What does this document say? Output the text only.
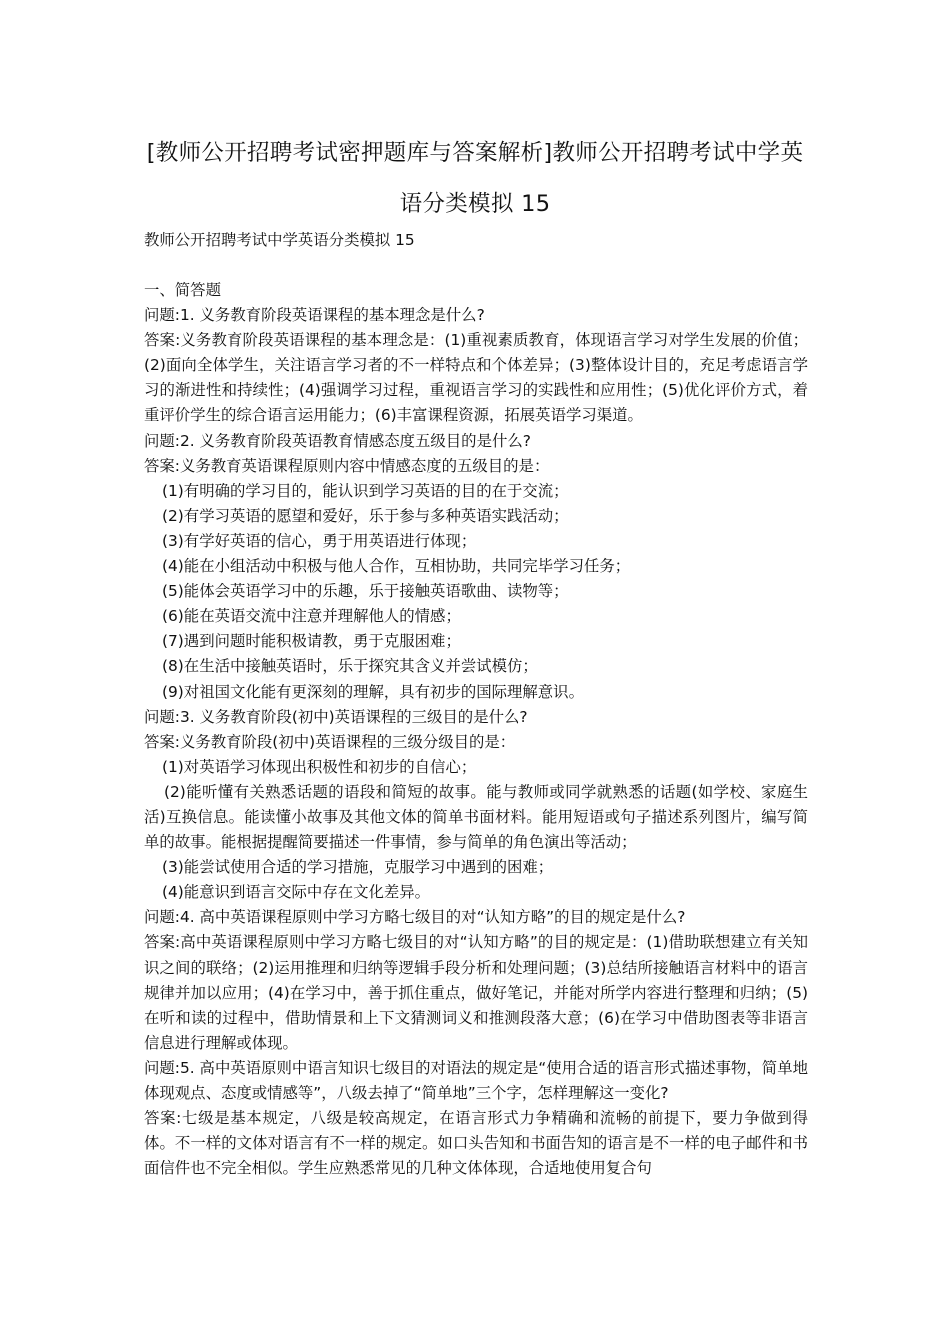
[教师公开招聘考试密押题库与答案解析]教师公开招聘考试中学英
语分类模拟 15

教师公开招聘考试中学英语分类模拟 15

一、简答题

问题:1. 义务教育阶段英语课程的基本理念是什么?

答案:义务教育阶段英语课程的基本理念是：(1)重视素质教育，体现语言学习对学生发展的价值；(2)面向全体学生，关注语言学习者的不一样特点和个体差异；(3)整体设计目的，充足考虑语言学习的渐进性和持续性；(4)强调学习过程，重视语言学习的实践性和应用性；(5)优化评价方式，着重评价学生的综合语言运用能力；(6)丰富课程资源，拓展英语学习渠道。

问题:2. 义务教育阶段英语教育情感态度五级目的是什么?

答案:义务教育英语课程原则内容中情感态度的五级目的是：

(1)有明确的学习目的，能认识到学习英语的目的在于交流；

(2)有学习英语的愿望和爱好，乐于参与多种英语实践活动；

(3)有学好英语的信心，勇于用英语进行体现；

(4)能在小组活动中积极与他人合作，互相协助，共同完毕学习任务；

(5)能体会英语学习中的乐趣，乐于接触英语歌曲、读物等；

(6)能在英语交流中注意并理解他人的情感；

(7)遇到问题时能积极请教，勇于克服困难；

(8)在生活中接触英语时，乐于探究其含义并尝试模仿；

(9)对祖国文化能有更深刻的理解，具有初步的国际理解意识。

问题:3. 义务教育阶段(初中)英语课程的三级目的是什么?

答案:义务教育阶段(初中)英语课程的三级分级目的是：

(1)对英语学习体现出积极性和初步的自信心；

(2)能听懂有关熟悉话题的语段和简短的故事。能与教师或同学就熟悉的话题(如学校、家庭生活)互换信息。能读懂小故事及其他文体的简单书面材料。能用短语或句子描述系列图片，编写简单的故事。能根据提醒简要描述一件事情，参与简单的角色演出等活动；

(3)能尝试使用合适的学习措施，克服学习中遇到的困难；

(4)能意识到语言交际中存在文化差异。

问题:4. 高中英语课程原则中学习方略七级目的对“认知方略”的目的规定是什么?

答案:高中英语课程原则中学习方略七级目的对“认知方略”的目的规定是：(1)借助联想建立有关知识之间的联络；(2)运用推理和归纳等逻辑手段分析和处理问题；(3)总结所接触语言材料中的语言规律并加以应用；(4)在学习中，善于抓住重点，做好笔记，并能对所学内容进行整理和归纳；(5)在听和读的过程中，借助情景和上下文猜测词义和推测段落大意；(6)在学习中借助图表等非语言信息进行理解或体现。

问题:5. 高中英语原则中语言知识七级目的对语法的规定是“使用合适的语言形式描述事物，简单地体现观点、态度或情感等”，八级去掉了“简单地”三个字，怎样理解这一变化?

答案:七级是基本规定，八级是较高规定，在语言形式力争精确和流畅的前提下，要力争做到得体。不一样的文体对语言有不一样的规定。如口头告知和书面告知的语言是不一样的电子邮件和书面信件也不完全相似。学生应熟悉常见的几种文体体现，合适地使用复合句
